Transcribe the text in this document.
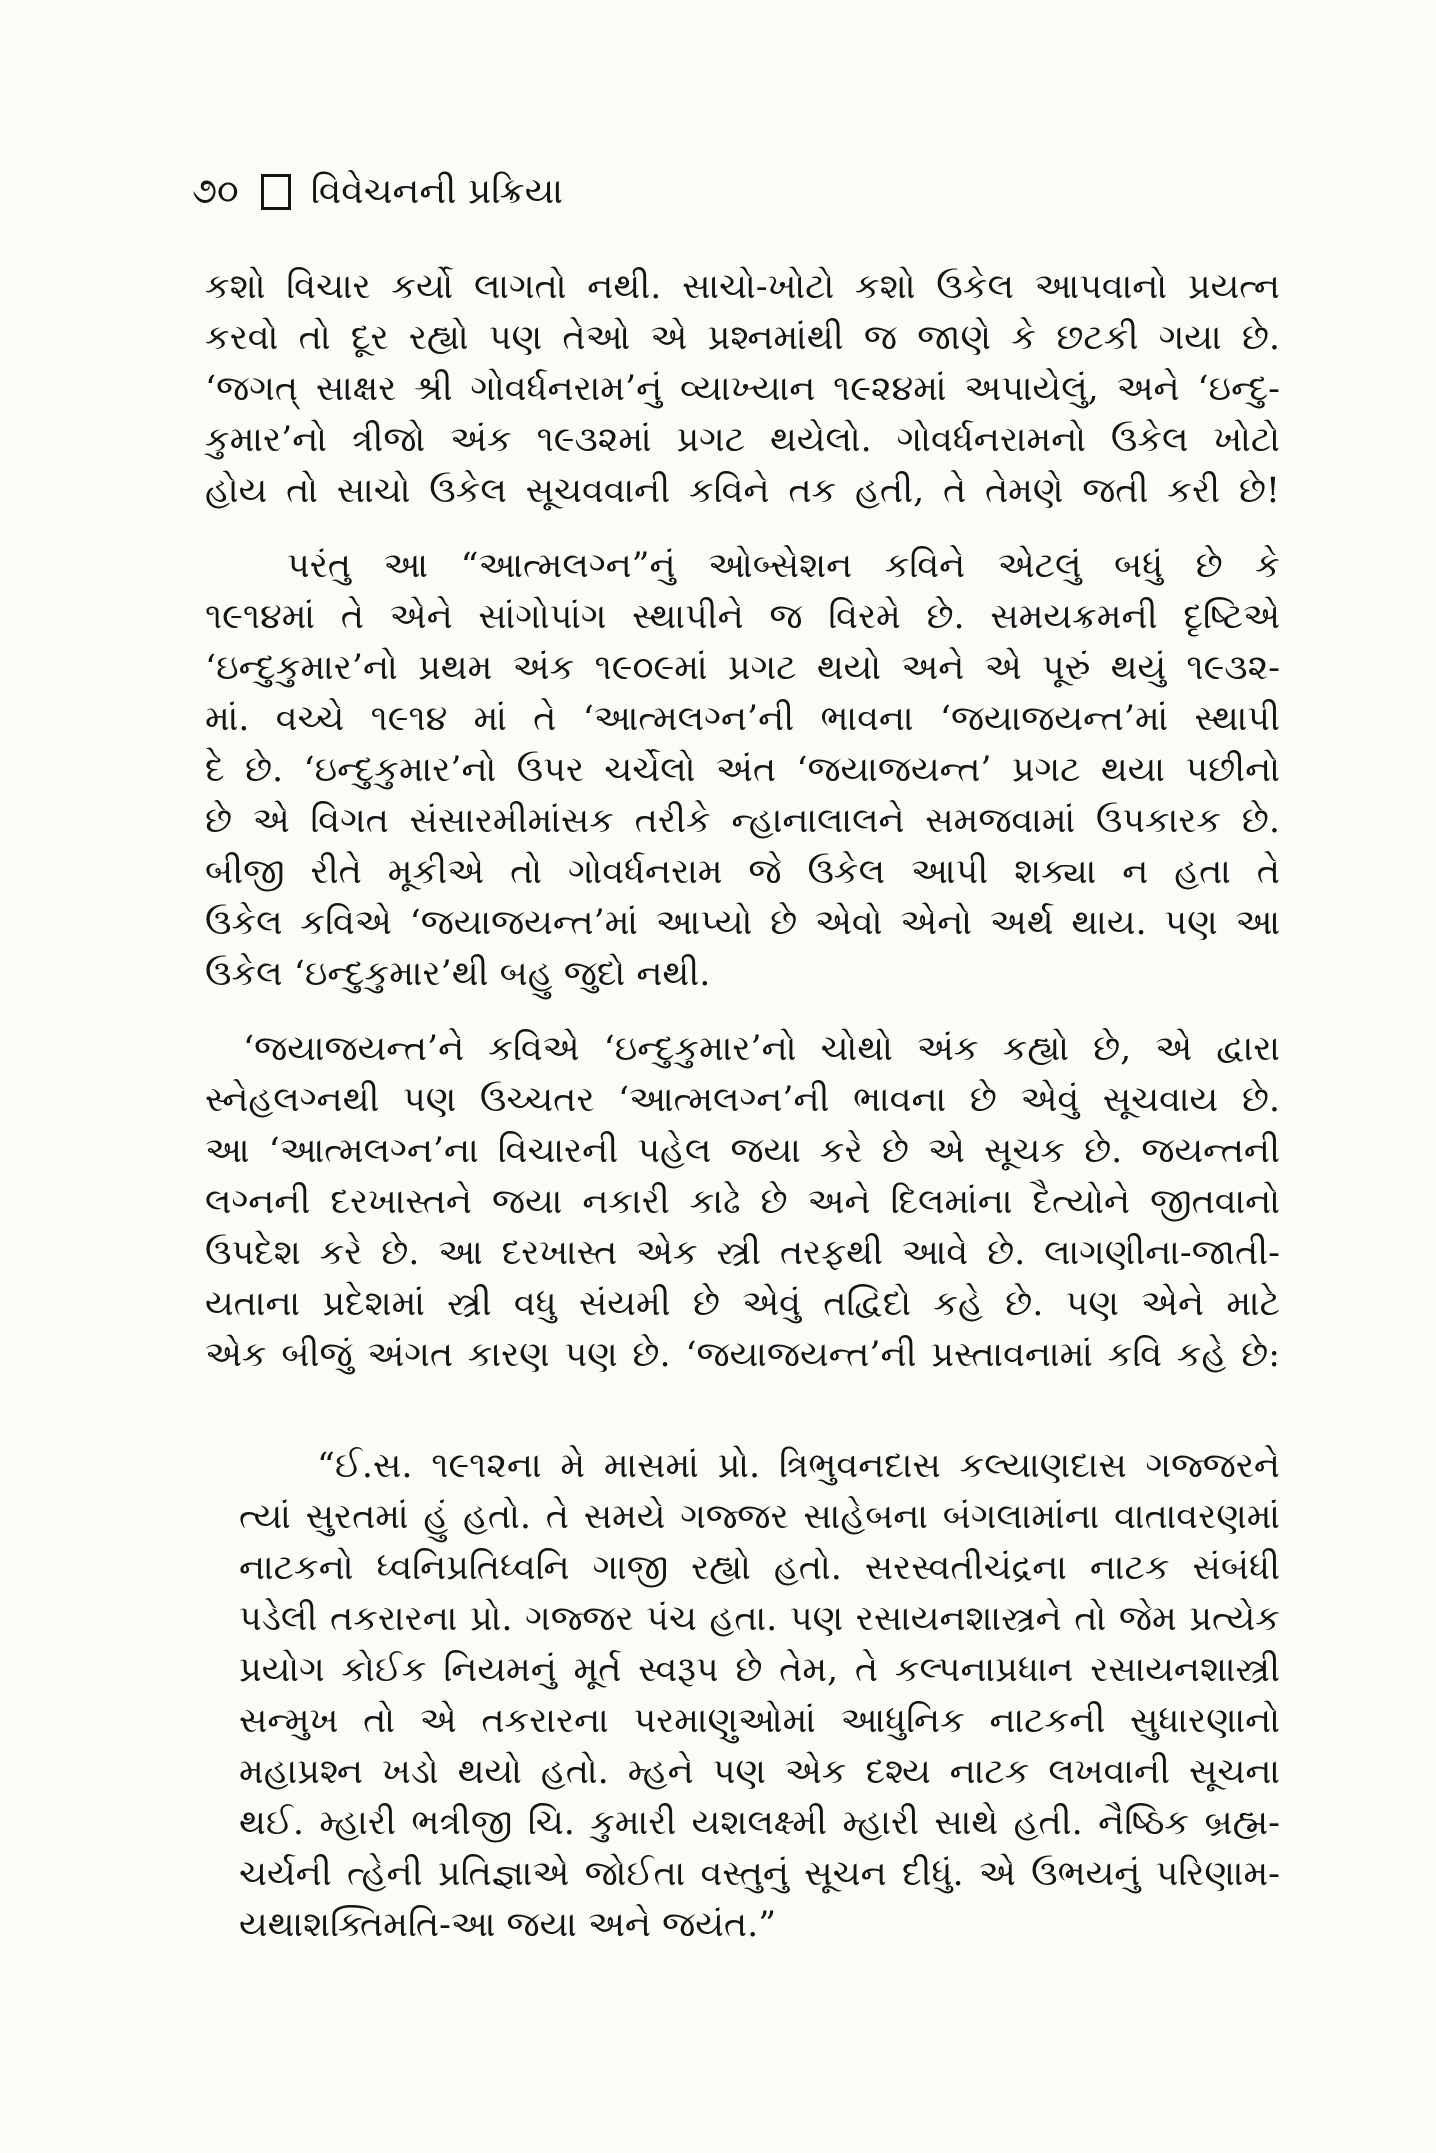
૭૦ વિવેચનની પ્રક્રિયા
કશો વિચાર કર્યો લાગતો નથી. સાચો-ખોટો કશો ઉકેલ આપવાનો પ્રયત્ન
કરવો તો દૂર રહ્યો પણ તેઓ એ પ્રશ્નમાંથી જ જાણે કે છટકી ગયા છે.
‘જગત્ સાક્ષર શ્રી ગોવર્ધનરામ’નું વ્યાખ્યાન ૧૯૨૪માં અપાયેલું, અને ‘ઇન્દુ-
કુમાર’નો ત્રીજો અંક ૧૯૩૨માં પ્રગટ થયેલો. ગોવર્ધનરામનો ઉકેલ ખોટો
હોય તો સાચો ઉકેલ સૂચવવાની કવિને તક હતી, તે તેમણે જતી કરી છે!
પરંતુ આ “આત્મલગ્ન”નું ઓબ્સેશન કવિને એટલું બધું છે કે
૧૯૧૪માં તે એને સાંગોપાંગ સ્થાપીને જ વિરમે છે. સમયક્રમની દૃષ્ટિએ
‘ઇન્દુકુમાર’નો પ્રથમ અંક ૧૯૦૯માં પ્રગટ થયો અને એ પૂરું થયું ૧૯૩૨-
માં. વચ્ચે ૧૯૧૪ માં તે ‘આત્મલગ્ન’ની ભાવના ‘જયાજયન્ત’માં સ્થાપી
દે છે. ‘ઇન્દુકુમાર’નો ઉપર ચર્ચેલો અંત ‘જયાજયન્ત’ પ્રગટ થયા પછીનો
છે એ વિગત સંસારમીમાંસક તરીકે ન્હાનાલાલને સમજવામાં ઉપકારક છે.
બીજી રીતે મૂકીએ તો ગોવર્ધનરામ જે ઉકેલ આપી શક્યા ન હતા તે
ઉકેલ કવિએ ‘જયાજયન્ત’માં આપ્યો છે એવો એનો અર્થ થાય. પણ આ
ઉકેલ ‘ઇન્દુકુમાર’થી બહુ જુદો નથી.
‘જયાજયન્ત’ને કવિએ ‘ઇન્દુકુમાર’નો ચોથો અંક કહ્યો છે, એ દ્વારા
સ્નેહલગ્નથી પણ ઉચ્ચતર ‘આત્મલગ્ન’ની ભાવના છે એવું સૂચવાય છે.
આ ‘આત્મલગ્ન’ના વિચારની પહેલ જયા કરે છે એ સૂચક છે. જયન્તની
લગ્નની દરખાસ્તને જયા નકારી કાઢે છે અને દિલમાંના દૈત્યોને જીતવાનો
ઉપદેશ કરે છે. આ દરખાસ્ત એક સ્ત્રી તરફથી આવે છે. લાગણીના-જાતી-
યતાના પ્રદેશમાં સ્ત્રી વધુ સંયમી છે એવું તદ્વિદો કહે છે. પણ એને માટે
એક બીજું અંગત કારણ પણ છે. ‘જયાજયન્ત’ની પ્રસ્તાવનામાં કવિ કહે છે:
“ઈ.સ. ૧૯૧૨ના મે માસમાં પ્રો. ત્રિભુવનદાસ કલ્યાણદાસ ગજ્જરને
ત્યાં સુરતમાં હું હતો. તે સમયે ગજ્જર સાહેબના બંગલામાંના વાતાવરણમાં
નાટકનો ધ્વનિપ્રતિધ્વનિ ગાજી રહ્યો હતો. સરસ્વતીચંદ્રના નાટક સંબંધી
પડેલી તકરારના પ્રો. ગજ્જર પંચ હતા. પણ રસાયનશાસ્ત્રને તો જેમ પ્રત્યેક
પ્રયોગ કોઈક નિયમનું મૂર્ત સ્વરૂપ છે તેમ, તે કલ્પનાપ્રધાન રસાયનશાસ્ત્રી
સન્મુખ તો એ તકરારના પરમાણુઓમાં આધુનિક નાટકની સુધારણાનો
મહાપ્રશ્ન ખડો થયો હતો. મ્હને પણ એક દશ્ય નાટક લખવાની સૂચના
થઈ. મ્હારી ભત્રીજી ચિ. કુમારી યશલક્ષ્મી મ્હારી સાથે હતી. નૈષ્ઠિક બ્રહ્મ-
ચર્યની ત્હેની પ્રતિજ્ઞાએ જોઈતા વસ્તુનું સૂચન દીધું. એ ઉભયનું પરિણામ-
યથાશક્તિમતિ-આ જયા અને જયંત.”
